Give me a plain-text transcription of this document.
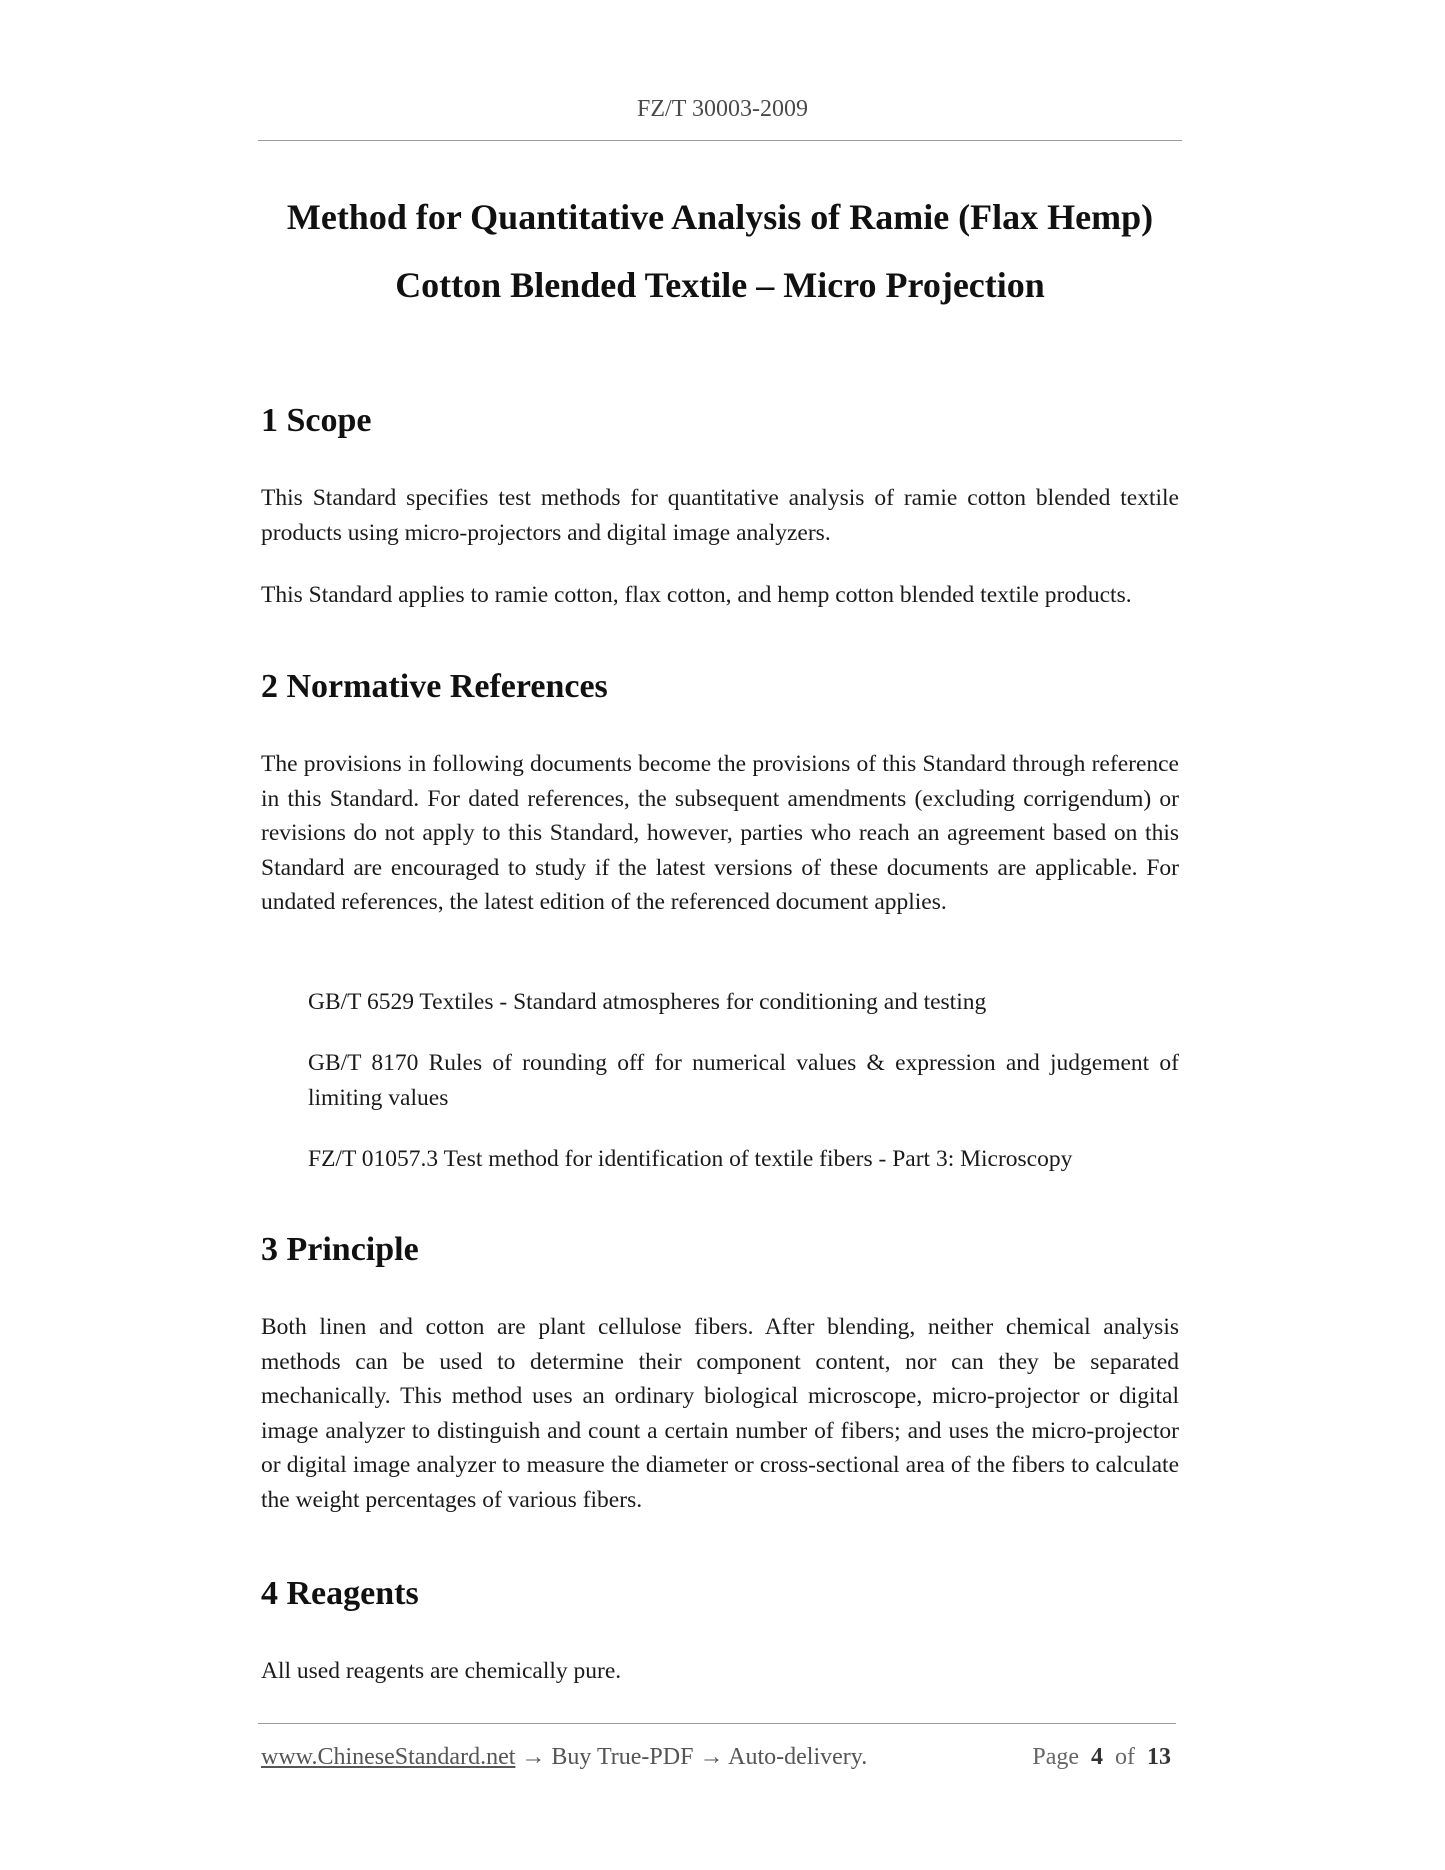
FZ/T 30003-2009
Method for Quantitative Analysis of Ramie (Flax Hemp)
Cotton Blended Textile – Micro Projection
1 Scope
This Standard specifies test methods for quantitative analysis of ramie cotton blended textile products using micro-projectors and digital image analyzers.
This Standard applies to ramie cotton, flax cotton, and hemp cotton blended textile products.
2 Normative References
The provisions in following documents become the provisions of this Standard through reference in this Standard. For dated references, the subsequent amendments (excluding corrigendum) or revisions do not apply to this Standard, however, parties who reach an agreement based on this Standard are encouraged to study if the latest versions of these documents are applicable. For undated references, the latest edition of the referenced document applies.
GB/T 6529 Textiles - Standard atmospheres for conditioning and testing
GB/T 8170 Rules of rounding off for numerical values & expression and judgement of limiting values
FZ/T 01057.3 Test method for identification of textile fibers - Part 3: Microscopy
3 Principle
Both linen and cotton are plant cellulose fibers. After blending, neither chemical analysis methods can be used to determine their component content, nor can they be separated mechanically. This method uses an ordinary biological microscope, micro-projector or digital image analyzer to distinguish and count a certain number of fibers; and uses the micro-projector or digital image analyzer to measure the diameter or cross-sectional area of the fibers to calculate the weight percentages of various fibers.
4 Reagents
All used reagents are chemically pure.
www.ChineseStandard.net → Buy True-PDF → Auto-delivery.	Page 4 of 13
